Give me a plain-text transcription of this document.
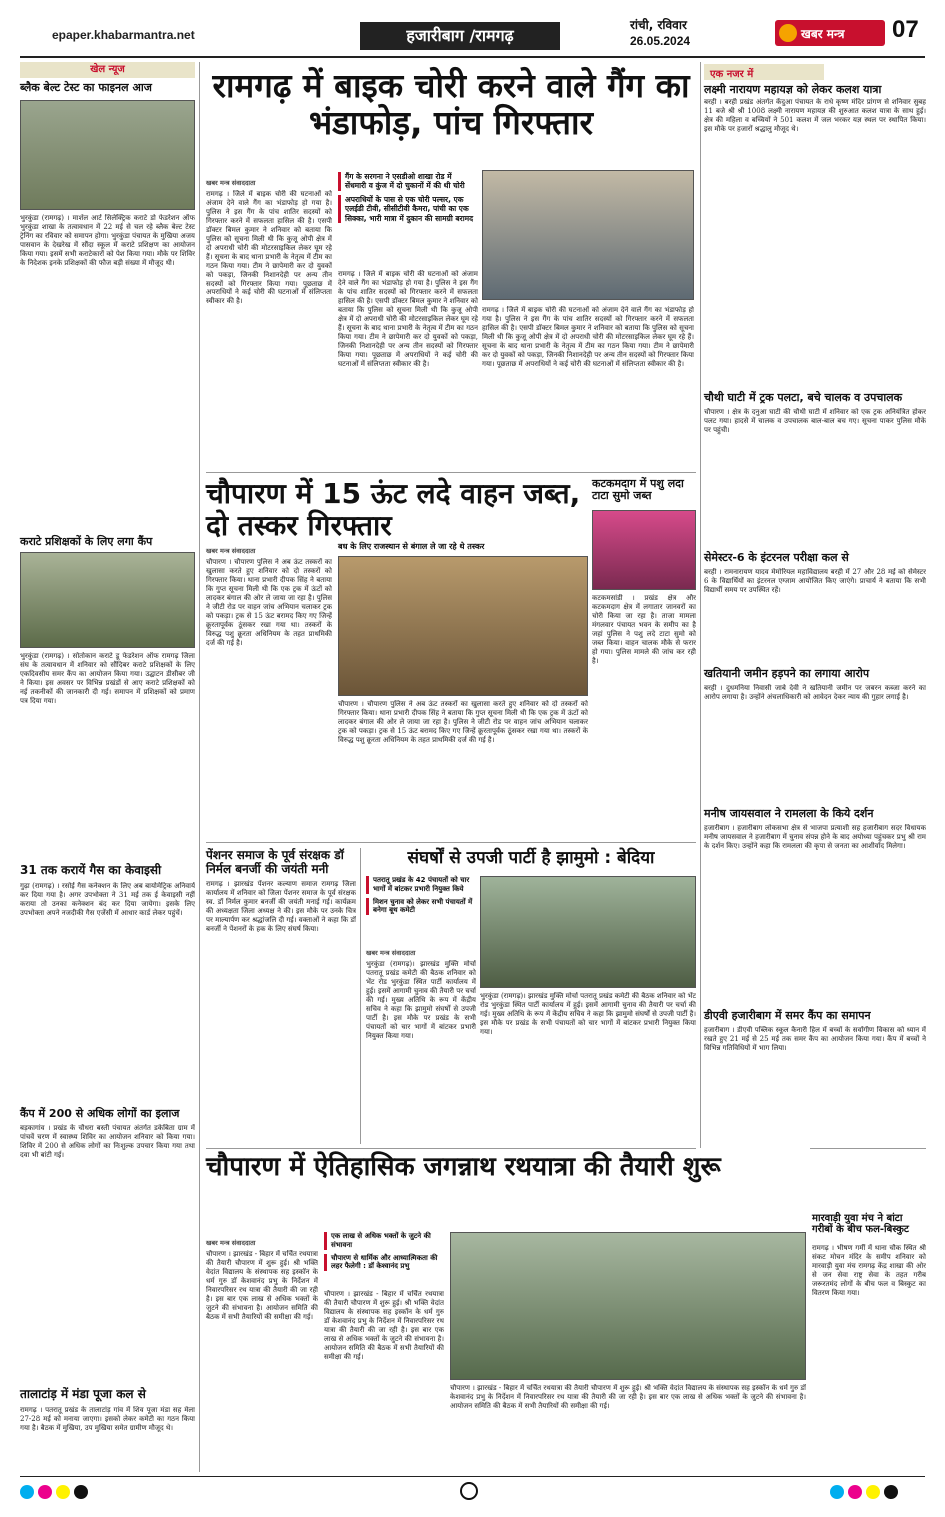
epaper.khabarmantra.net	हजारीबाग /रामगढ़
रांची, रविवार
26.05.2024	खबर मन्त्र 07
खेल न्यूज
ब्लैक बेल्ट टेस्ट का फाइनल आज
भुरकुंडा (रामगढ़) । मार्शल आर्ट सिलेक्ट्रिक कराटे डो फेडरेशन ऑफ भुरकुंडा शाखा के तत्वावधान में 22 मई से चल रहे ब्लैक बेल्ट टेस्ट ट्रेनिंग का रविवार को समापन होगा। भुरकुंडा पंचायत के मुखिया अजय पासवान के देखरेख में सौंदा स्कूल में कराटे प्रशिक्षण का आयोजन किया गया। इसमें सभी कराटेकारों को पेश किया गया। मौके पर शिविर के निदेशक इनके प्रशिक्षकों की फौज बड़ी संख्या में मौजूद थी।
कराटे प्रशिक्षकों के लिए लगा कैंप
भुरकुंडा (रामगढ़) । सोतोकान कराटे डू फेडरेशन ऑफ रामगढ़ जिला संघ के तत्वावधान में शनिवार को सौंदिबर कराटे प्रशिक्षकों के लिए एकदिवसीय समर कैंप का आयोजन किया गया। उद्घाटन डीसीबर जी ने किया। इस अवसर पर विभिन्न प्रखंडों से आए कराटे प्रशिक्षकों को नई तकनीकों की जानकारी दी गई। समापन में प्रशिक्षकों को प्रमाण पत्र दिया गया।
31 तक करायें गैस का केवाइसी
गुढ़ा (रामगढ़) । रसोई गैस कनेक्शन के लिए अब बायोमेट्रिक अनिवार्य कर दिया गया है। अगर उपभोक्ता ने 31 मई तक ई केवाइसी नहीं कराया तो उनका कनेक्शन बंद कर दिया जायेगा। इसके लिए उपभोक्ता अपने नजदीकी गैस एजेंसी में आधार कार्ड लेकर पहुंचें।
कैंप में 200 से अधिक लोगों का इलाज
बड़कागांव । प्रखंड के चौधरा बस्ती पंचायत अंतर्गत डकेबिता ग्राम में पांचवें चरण में स्वास्थ्य शिविर का आयोजन शनिवार को किया गया। शिविर में 200 से अधिक लोगों का निःशुल्क उपचार किया गया तथा दवा भी बांटी गई।
तालाटांड़ में मंडा पूजा कल से
रामगढ़ । पतरातू प्रखंड के तालाटांड़ गांव में शिव पूजा मंडा सह मेला 27-28 मई को मनाया जाएगा। इसको लेकर कमेटी का गठन किया गया है। बैठक में मुखिया, उप मुखिया समेत ग्रामीण मौजूद थे।
रामगढ़ में बाइक चोरी करने वाले गैंग का भंडाफोड़, पांच गिरफ्तार
खबर मन्त्र संवाददाता
रामगढ़ । जिले में बाइक चोरी की घटनाओं को अंजाम देने वाले गैंग का भंडाफोड़ हो गया है। पुलिस ने इस गैंग के पांच शातिर सदस्यों को गिरफ्तार करने में सफलता हासिल की है। एसपी डॉक्टर बिमल कुमार ने शनिवार को बताया कि पुलिस को सूचना मिली थी कि कुजू ओपी क्षेत्र में दो अपराधी चोरी की मोटरसाइकिल लेकर घूम रहे हैं। सूचना के बाद थाना प्रभारी के नेतृत्व में टीम का गठन किया गया। टीम ने छापेमारी कर दो युवकों को पकड़ा, जिनकी निशानदेही पर अन्य तीन सदस्यों को गिरफ्तार किया गया। पूछताछ में अपराधियों ने कई चोरी की घटनाओं में संलिप्तता स्वीकार की है।
गैंग के सरगना ने एसडीओ शाखा रोड में सेंधमारी व कुंज में दो चुकानों में की थी चोरी
अपराधियों के पास से एक चोरी पल्सर, एक एलईडी टीवी, सीसीटीवी कैमरा, पांची का एक सिक्का, भारी मात्रा में दुकान की सामग्री बरामद
रामगढ़ । जिले में बाइक चोरी की घटनाओं को अंजाम देने वाले गैंग का भंडाफोड़ हो गया है। पुलिस ने इस गैंग के पांच शातिर सदस्यों को गिरफ्तार करने में सफलता हासिल की है। एसपी डॉक्टर बिमल कुमार ने शनिवार को बताया कि पुलिस को सूचना मिली थी कि कुजू ओपी क्षेत्र में दो अपराधी चोरी की मोटरसाइकिल लेकर घूम रहे हैं। सूचना के बाद थाना प्रभारी के नेतृत्व में टीम का गठन किया गया। टीम ने छापेमारी कर दो युवकों को पकड़ा, जिनकी निशानदेही पर अन्य तीन सदस्यों को गिरफ्तार किया गया। पूछताछ में अपराधियों ने कई चोरी की घटनाओं में संलिप्तता स्वीकार की है।
रामगढ़ । जिले में बाइक चोरी की घटनाओं को अंजाम देने वाले गैंग का भंडाफोड़ हो गया है। पुलिस ने इस गैंग के पांच शातिर सदस्यों को गिरफ्तार करने में सफलता हासिल की है। एसपी डॉक्टर बिमल कुमार ने शनिवार को बताया कि पुलिस को सूचना मिली थी कि कुजू ओपी क्षेत्र में दो अपराधी चोरी की मोटरसाइकिल लेकर घूम रहे हैं। सूचना के बाद थाना प्रभारी के नेतृत्व में टीम का गठन किया गया। टीम ने छापेमारी कर दो युवकों को पकड़ा, जिनकी निशानदेही पर अन्य तीन सदस्यों को गिरफ्तार किया गया। पूछताछ में अपराधियों ने कई चोरी की घटनाओं में संलिप्तता स्वीकार की है।
चौपारण में 15 ऊंट लदे वाहन जब्त, दो तस्कर गिरफ्तार
बध के लिए राजस्थान से बंगाल ले जा रहे थे तस्कर
खबर मन्त्र संवाददाता
चौपारण । चौपारण पुलिस ने अब ऊंट तस्करों का खुलासा करते हुए शनिवार को दो तस्करों को गिरफ्तार किया। थाना प्रभारी दीपक सिंह ने बताया कि गुप्त सूचना मिली थी कि एक ट्रक में ऊंटों को लादकर बंगाल की ओर ले जाया जा रहा है। पुलिस ने जीटी रोड पर वाहन जांच अभियान चलाकर ट्रक को पकड़ा। ट्रक से 15 ऊंट बरामद किए गए जिन्हें क्रूरतापूर्वक ठूंसकर रखा गया था। तस्करों के विरुद्ध पशु क्रूरता अधिनियम के तहत प्राथमिकी दर्ज की गई है।
चौपारण । चौपारण पुलिस ने अब ऊंट तस्करों का खुलासा करते हुए शनिवार को दो तस्करों को गिरफ्तार किया। थाना प्रभारी दीपक सिंह ने बताया कि गुप्त सूचना मिली थी कि एक ट्रक में ऊंटों को लादकर बंगाल की ओर ले जाया जा रहा है। पुलिस ने जीटी रोड पर वाहन जांच अभियान चलाकर ट्रक को पकड़ा। ट्रक से 15 ऊंट बरामद किए गए जिन्हें क्रूरतापूर्वक ठूंसकर रखा गया था। तस्करों के विरुद्ध पशु क्रूरता अधिनियम के तहत प्राथमिकी दर्ज की गई है।
कटकमदाग में पशु लदा टाटा सुमो जब्त
कटकमसांडी । प्रखंड क्षेत्र और कटकमदाग क्षेत्र में लगातार जानवरों का चोरी किया जा रहा है। ताजा मामला मंगलवार पंचायत भवन के समीप का है जहां पुलिस ने पशु लदे टाटा सुमो को जब्त किया। वाहन चालक मौके से फरार हो गया। पुलिस मामले की जांच कर रही है।
पेंशनर समाज के पूर्व संरक्षक डॉ निर्मल बनर्जी की जयंती मनी
रामगढ़ । झारखंड पेंशनर कल्याण समाज रामगढ़ जिला कार्यालय में शनिवार को जिला पेंशनर समाज के पूर्व संरक्षक स्व. डॉ निर्मल कुमार बनर्जी की जयंती मनाई गई। कार्यक्रम की अध्यक्षता जिला अध्यक्ष ने की। इस मौके पर उनके चित्र पर माल्यार्पण कर श्रद्धांजलि दी गई। वक्ताओं ने कहा कि डॉ बनर्जी ने पेंशनरों के हक के लिए संघर्ष किया।
संघर्षों से उपजी पार्टी है झामुमो : बेदिया
पतरातू प्रखंड के 42 पंचायतों को चार भागों में बांटकर प्रभारी नियुक्त किये
मिशन चुनाव को लेकर सभी पंचायतों में बनेगा बूथ कमेटी
खबर मन्त्र संवाददाता
भुरकुंडा (रामगढ़)। झारखंड मुक्ति मोर्चा पतरातू प्रखंड कमेटी की बैठक शनिवार को भेंट रोड भुरकुंडा स्थित पार्टी कार्यालय में हुई। इसमें आगामी चुनाव की तैयारी पर चर्चा की गई। मुख्य अतिथि के रूप में केंद्रीय सचिव ने कहा कि झामुमो संघर्षों से उपजी पार्टी है। इस मौके पर प्रखंड के सभी पंचायतों को चार भागों में बांटकर प्रभारी नियुक्त किया गया।
भुरकुंडा (रामगढ़)। झारखंड मुक्ति मोर्चा पतरातू प्रखंड कमेटी की बैठक शनिवार को भेंट रोड भुरकुंडा स्थित पार्टी कार्यालय में हुई। इसमें आगामी चुनाव की तैयारी पर चर्चा की गई। मुख्य अतिथि के रूप में केंद्रीय सचिव ने कहा कि झामुमो संघर्षों से उपजी पार्टी है। इस मौके पर प्रखंड के सभी पंचायतों को चार भागों में बांटकर प्रभारी नियुक्त किया गया।
चौपारण में ऐतिहासिक जगन्नाथ रथयात्रा की तैयारी शुरू
खबर मन्त्र संवाददाता
चौपारण । झारखंड - बिहार में चर्चित रथयात्रा की तैयारी चौपारण में शुरू हुई। श्री भक्ति वेदांत विद्यालय के संस्थापक सह इस्कॉन के धर्म गुरु डॉ केशवानंद प्रभु के निर्देशन में निवारपरिसर रथ यात्रा की तैयारी की जा रही है। इस बार एक लाख से अधिक भक्तों के जुटने की संभावना है। आयोजन समिति की बैठक में सभी तैयारियों की समीक्षा की गई।
एक लाख से अधिक भक्तों के जुटने की संभावना
चौपारण से धार्मिक और आध्यात्मिकता की लहर फैलेगी : डॉ केश्वानंद प्रभु
चौपारण । झारखंड - बिहार में चर्चित रथयात्रा की तैयारी चौपारण में शुरू हुई। श्री भक्ति वेदांत विद्यालय के संस्थापक सह इस्कॉन के धर्म गुरु डॉ केशवानंद प्रभु के निर्देशन में निवारपरिसर रथ यात्रा की तैयारी की जा रही है। इस बार एक लाख से अधिक भक्तों के जुटने की संभावना है। आयोजन समिति की बैठक में सभी तैयारियों की समीक्षा की गई।
चौपारण । झारखंड - बिहार में चर्चित रथयात्रा की तैयारी चौपारण में शुरू हुई। श्री भक्ति वेदांत विद्यालय के संस्थापक सह इस्कॉन के धर्म गुरु डॉ केशवानंद प्रभु के निर्देशन में निवारपरिसर रथ यात्रा की तैयारी की जा रही है। इस बार एक लाख से अधिक भक्तों के जुटने की संभावना है। आयोजन समिति की बैठक में सभी तैयारियों की समीक्षा की गई।
एक नजर में
लक्ष्मी नारायण महायज्ञ को लेकर कलश यात्रा
बरही । बरही प्रखंड अंतर्गत केंदुआ पंचायत के राधे कृष्ण मंदिर प्रांगण से शनिवार सुबह 11 बजे श्री श्री 1008 लक्ष्मी नारायण महायज्ञ की शुरुआत कलश यात्रा के साथ हुई। क्षेत्र की महिला व बच्चियों ने 501 कलश में जल भरकर यज्ञ स्थल पर स्थापित किया। इस मौके पर हजारों श्रद्धालु मौजूद थे।
चौथी घाटी में ट्रक पलटा, बचे चालक व उपचालक
चौपारण । क्षेत्र के दनुआ घाटी की चौथी घाटी में शनिवार को एक ट्रक अनियंत्रित होकर पलट गया। हादसे में चालक व उपचालक बाल-बाल बच गए। सूचना पाकर पुलिस मौके पर पहुंची।
सेमेस्टर-6 के इंटरनल परीक्षा कल से
बरही । रामनारायण यादव मेमोरियल महाविद्यालय बरही में 27 और 28 मई को सेमेस्टर 6 के विद्यार्थियों का इंटरनल एग्जाम आयोजित किए जाएंगे। प्राचार्य ने बताया कि सभी विद्यार्थी समय पर उपस्थित रहें।
खतियानी जमीन हड़पने का लगाया आरोप
बरही । दुधमनिया निवासी जाबे देवी ने खतियानी जमीन पर जबरन कब्जा करने का आरोप लगाया है। उन्होंने अंचलाधिकारी को आवेदन देकर न्याय की गुहार लगाई है।
मनीष जायसवाल ने रामलला के किये दर्शन
हजारीबाग । हजारीबाग लोकसभा क्षेत्र से भाजपा प्रत्याशी सह हजारीबाग सदर विधायक मनीष जायसवाल ने हजारीबाग में चुनाव संपन्न होने के बाद अयोध्या पहुंचकर प्रभु श्री राम के दर्शन किए। उन्होंने कहा कि रामलला की कृपा से जनता का आशीर्वाद मिलेगा।
डीएवी हजारीबाग में समर कैंप का समापन
हजारीबाग । डीएवी पब्लिक स्कूल कैनारी हिल में बच्चों के सर्वांगीण विकास को ध्यान में रखते हुए 21 मई से 25 मई तक समर कैंप का आयोजन किया गया। कैंप में बच्चों ने विभिन्न गतिविधियों में भाग लिया।
मारवाड़ी युवा मंच ने बांटा गरीबों के बीच फल-बिस्कुट
रामगढ़ । भीषण गर्मी में थाना चौक स्थित श्री संकट मोचन मंदिर के समीप शनिवार को मारवाड़ी युवा मंच रामगढ़ केंद्र शाखा की ओर से जन सेवा राष्ट्र सेवा के तहत गरीब जरूरतमंद लोगों के बीच फल व बिस्कुट का वितरण किया गया।
